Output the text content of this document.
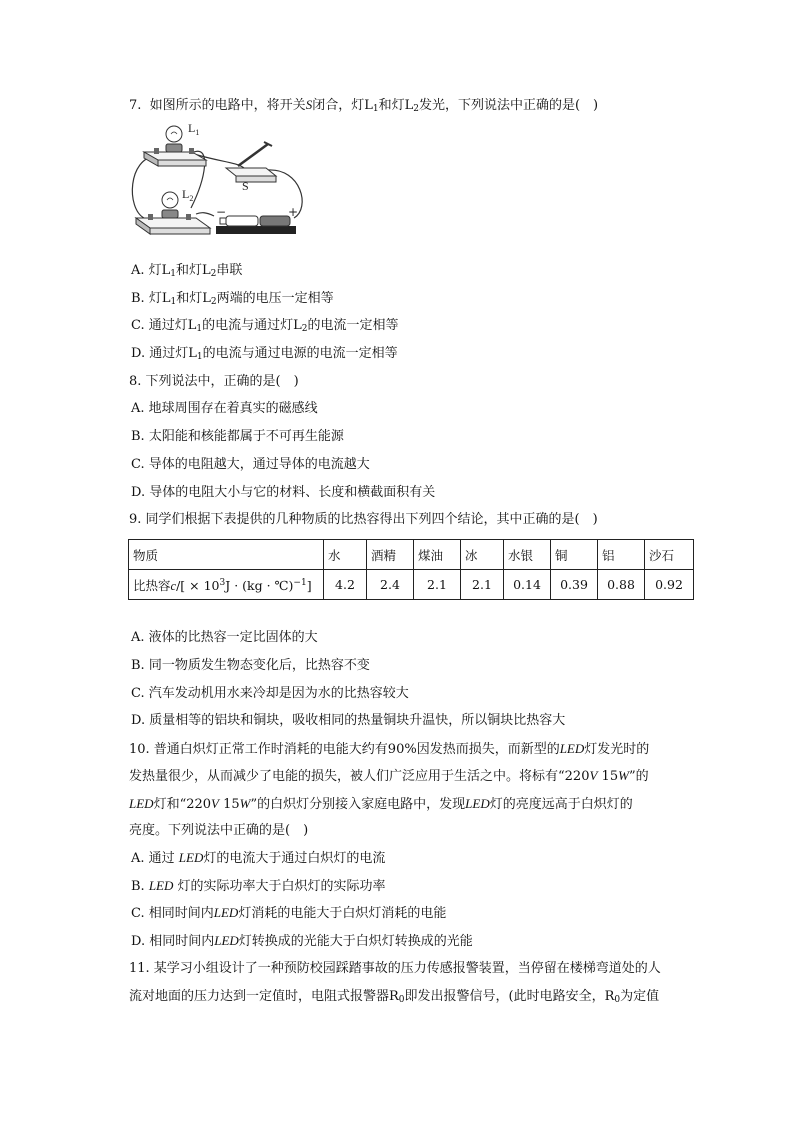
7. 如图所示的电路中，将开关S闭合，灯$L_1$和灯$L_2$发光，下列说法中正确的是(　)
$L_1$
$L_2$
S
−	+
A. 灯$L_1$和灯$L_2$串联
B. 灯$L_1$和灯$L_2$两端的电压一定相等
C. 通过灯$L_1$的电流与通过灯$L_2$的电流一定相等
D. 通过灯$L_1$的电流与通过电源的电流一定相等
8. 下列说法中，正确的是(　)
A. 地球周围存在着真实的磁感线
B. 太阳能和核能都属于不可再生能源
C. 导体的电阻越大，通过导体的电流越大
D. 导体的电阻大小与它的材料、长度和横截面积有关
9. 同学们根据下表提供的几种物质的比热容得出下列四个结论，其中正确的是(　)
物质	水	酒精	煤油	冰	水银	铜	铝	沙石
比热容$c/[ \times 10^3J \cdot (kg$ · ℃)$^{-1}$]	4.2	2.4	2.1	2.1	0.14	0.39	0.88	0.92
A. 液体的比热容一定比固体的大
B. 同一物质发生物态变化后，比热容不变
C. 汽车发动机用水来冷却是因为水的比热容较大
D. 质量相等的铝块和铜块，吸收相同的热量铜块升温快，所以铜块比热容大
10. 普通白炽灯正常工作时消耗的电能大约有90%因发热而损失，而新型的LED灯发光时的
发热量很少，从而减少了电能的损失，被人们广泛应用于生活之中。将标有“220V 15W”的
LED灯和“220V 15W”的白炽灯分别接入家庭电路中，发现LED灯的亮度远高于白炽灯的
亮度。下列说法中正确的是(　)
A. 通过 LED灯的电流大于通过白炽灯的电流
B. LED 灯的实际功率大于白炽灯的实际功率
C. 相同时间内LED灯消耗的电能大于白炽灯消耗的电能
D. 相同时间内LED灯转换成的光能大于白炽灯转换成的光能
11. 某学习小组设计了一种预防校园踩踏事故的压力传感报警装置，当停留在楼梯弯道处的人
流对地面的压力达到一定值时，电阻式报警器$R_0$即发出报警信号，(此时电路安全，$R_0$为定值
